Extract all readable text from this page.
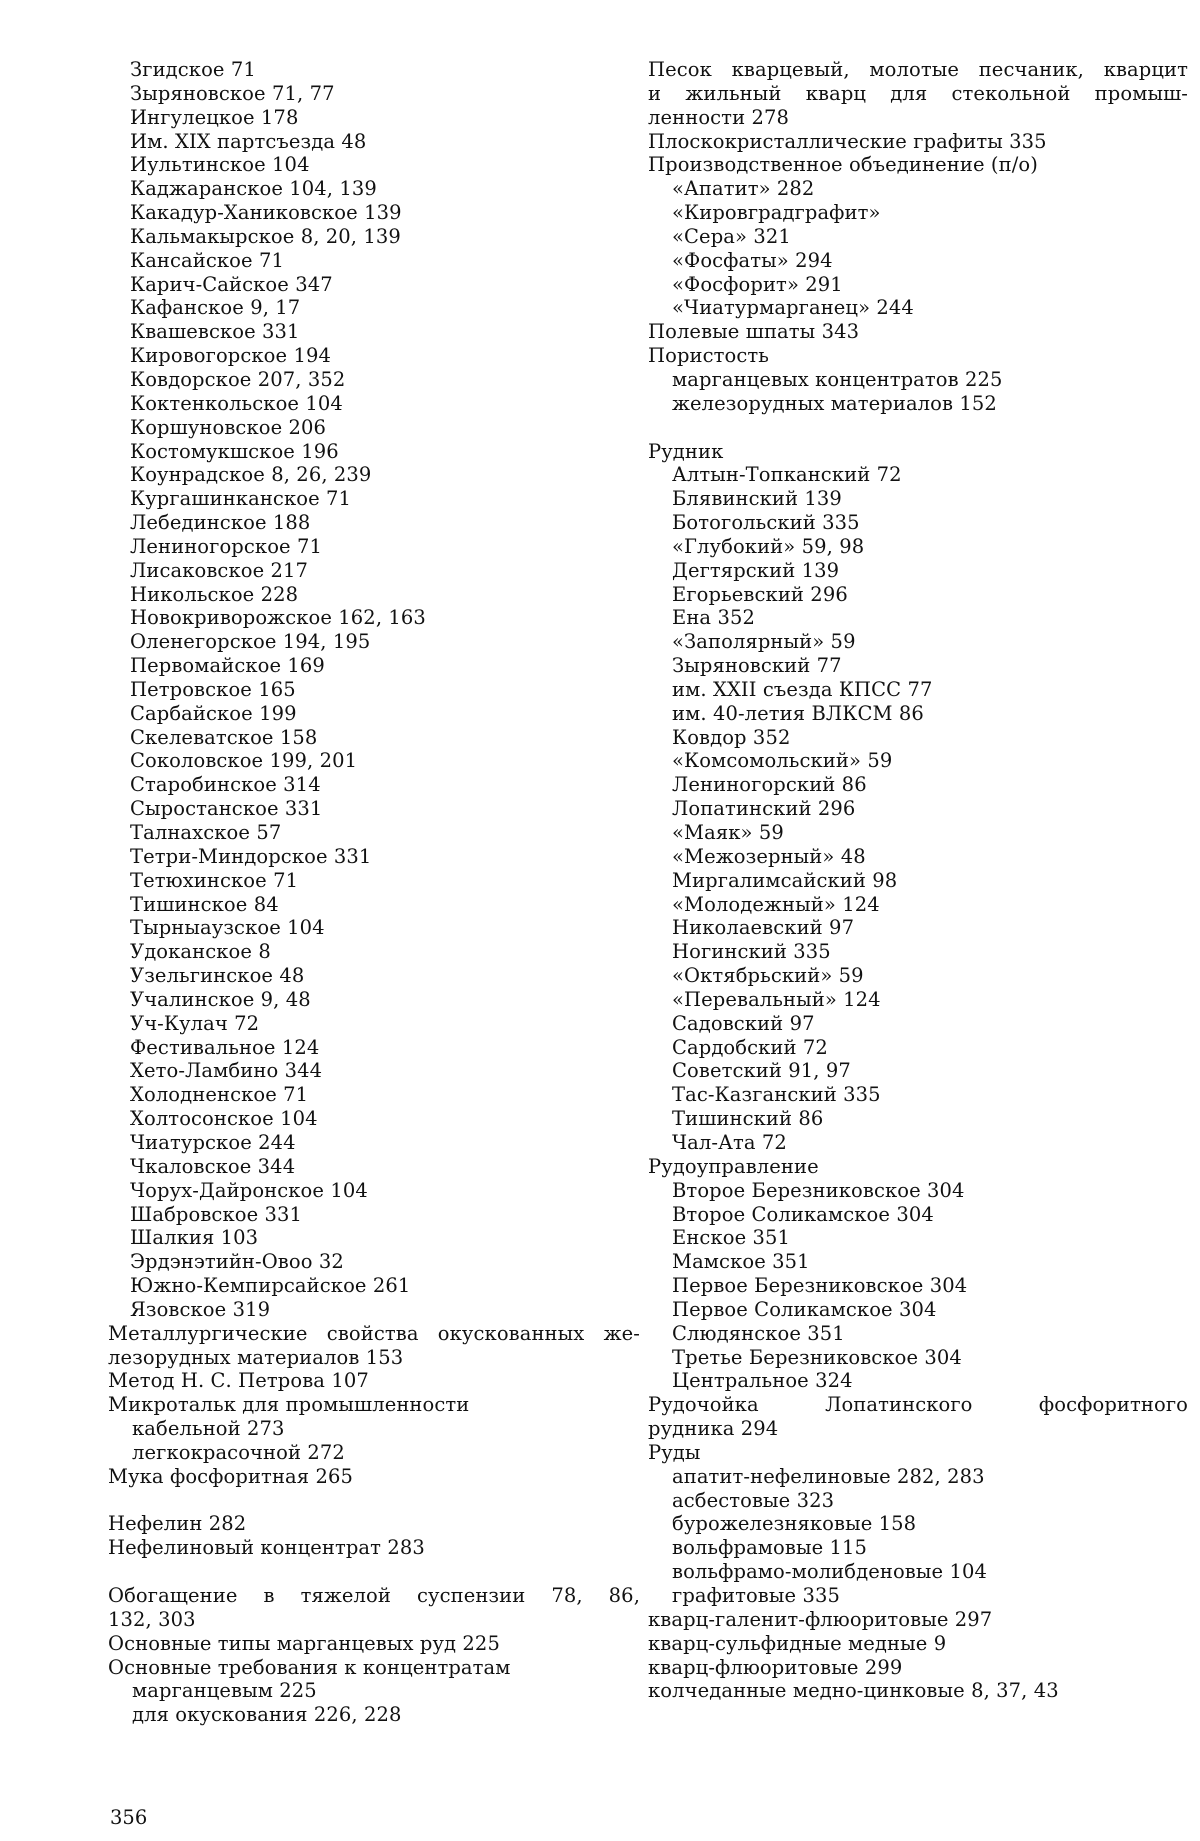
Згидское 71
Зыряновское 71, 77
Ингулецкое 178
Им. XIX партсъезда 48
Иультинское 104
Каджаранское 104, 139
Какадур-Ханиковское 139
Кальмакырское 8, 20, 139
Кансайское 71
Карич-Сайское 347
Кафанское 9, 17
Квашевское 331
Кировогорское 194
Ковдорское 207, 352
Коктенкольское 104
Коршуновское 206
Костомукшское 196
Коунрадское 8, 26, 239
Кургашинканское 71
Лебединское 188
Лениногорское 71
Лисаковское 217
Никольское 228
Новокриворожское 162, 163
Оленегорское 194, 195
Первомайское 169
Петровское 165
Сарбайское 199
Скелеватское 158
Соколовское 199, 201
Старобинское 314
Сыростанское 331
Талнахское 57
Тетри-Миндорское 331
Тетюхинское 71
Тишинское 84
Тырныаузское 104
Удоканское 8
Узельгинское 48
Учалинское 9, 48
Уч-Кулач 72
Фестивальное 124
Хето-Ламбино 344
Холодненское 71
Холтосонское 104
Чиатурское 244
Чкаловское 344
Чорух-Дайронское 104
Шабровское 331
Шалкия 103
Эрдэнэтийн-Овоо 32
Южно-Кемпирсайское 261
Язовское 319
Металлургические свойства окускованных же-
лезорудных материалов 153
Метод Н. С. Петрова 107
Микротальк для промышленности
кабельной 273
легкокрасочной 272
Мука фосфоритная 265
Нефелин 282
Нефелиновый концентрат 283
Обогащение в тяжелой суспензии 78, 86,
132, 303
Основные типы марганцевых руд 225
Основные требования к концентратам
марганцевым 225
для окускования 226, 228
Песок кварцевый, молотые песчаник, кварцит
и жильный кварц для стекольной промыш-
ленности 278
Плоскокристаллические графиты 335
Производственное объединение (п/о)
«Апатит» 282
«Кировградграфит»
«Сера» 321
«Фосфаты» 294
«Фосфорит» 291
«Чиатурмарганец» 244
Полевые шпаты 343
Пористость
марганцевых концентратов 225
железорудных материалов 152
Рудник
Алтын-Топканский 72
Блявинский 139
Ботогольский 335
«Глубокий» 59, 98
Дегтярский 139
Егорьевский 296
Ена 352
«Заполярный» 59
Зыряновский 77
им. XXII съезда КПСС 77
им. 40-летия ВЛКСМ 86
Ковдор 352
«Комсомольский» 59
Лениногорский 86
Лопатинский 296
«Маяк» 59
«Межозерный» 48
Миргалимсайский 98
«Молодежный» 124
Николаевский 97
Ногинский 335
«Октябрьский» 59
«Перевальный» 124
Садовский 97
Сардобский 72
Советский 91, 97
Тас-Казганский 335
Тишинский 86
Чал-Ата 72
Рудоуправление
Второе Березниковское 304
Второе Соликамское 304
Енское 351
Мамское 351
Первое Березниковское 304
Первое Соликамское 304
Слюдянское 351
Третье Березниковское 304
Центральное 324
Рудочойка Лопатинского фосфоритного
рудника 294
Руды
апатит-нефелиновые 282, 283
асбестовые 323
бурожелезняковые 158
вольфрамовые 115
вольфрамо-молибденовые 104
графитовые 335
кварц-галенит-флюоритовые 297
кварц-сульфидные медные 9
кварц-флюоритовые 299
колчеданные медно-цинковые 8, 37, 43
356
